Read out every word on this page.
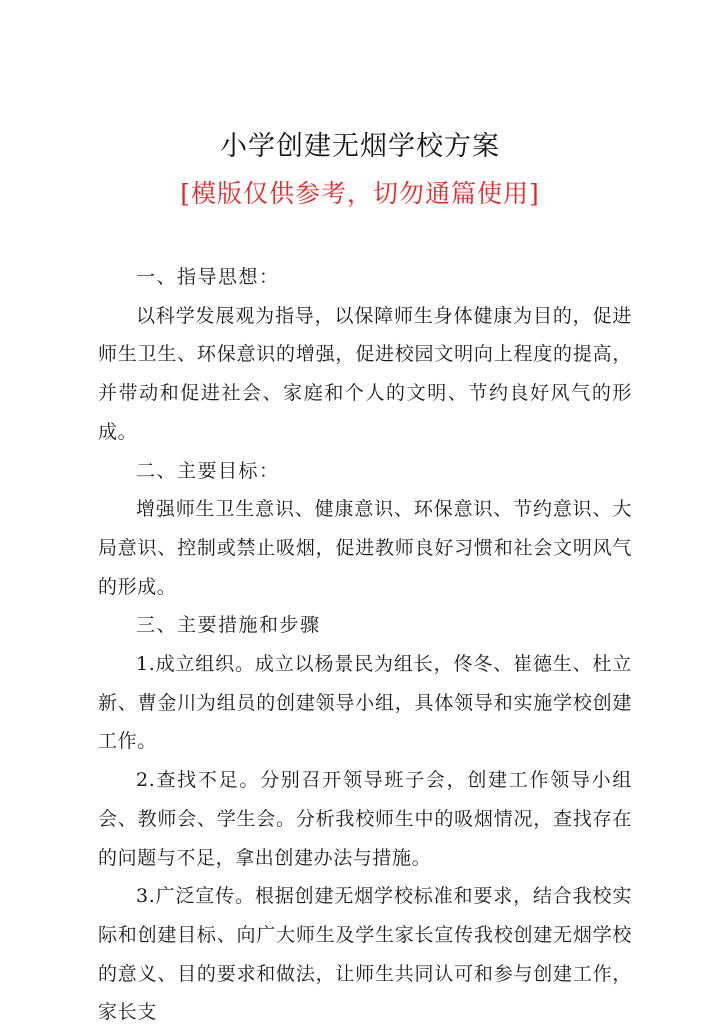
小学创建无烟学校方案
[模版仅供参考，切勿通篇使用]

一、指导思想：

以科学发展观为指导，以保障师生身体健康为目的，促进师生卫生、环保意识的增强，促进校园文明向上程度的提高，并带动和促进社会、家庭和个人的文明、节约良好风气的形成。

二、主要目标：

增强师生卫生意识、健康意识、环保意识、节约意识、大局意识、控制或禁止吸烟，促进教师良好习惯和社会文明风气的形成。

三、主要措施和步骤

1.成立组织。成立以杨景民为组长，佟冬、崔德生、杜立新、曹金川为组员的创建领导小组，具体领导和实施学校创建工作。

2.查找不足。分别召开领导班子会，创建工作领导小组会、教师会、学生会。分析我校师生中的吸烟情况，查找存在的问题与不足，拿出创建办法与措施。

3.广泛宣传。根据创建无烟学校标准和要求，结合我校实际和创建目标、向广大师生及学生家长宣传我校创建无烟学校的意义、目的要求和做法，让师生共同认可和参与创建工作，家长支
